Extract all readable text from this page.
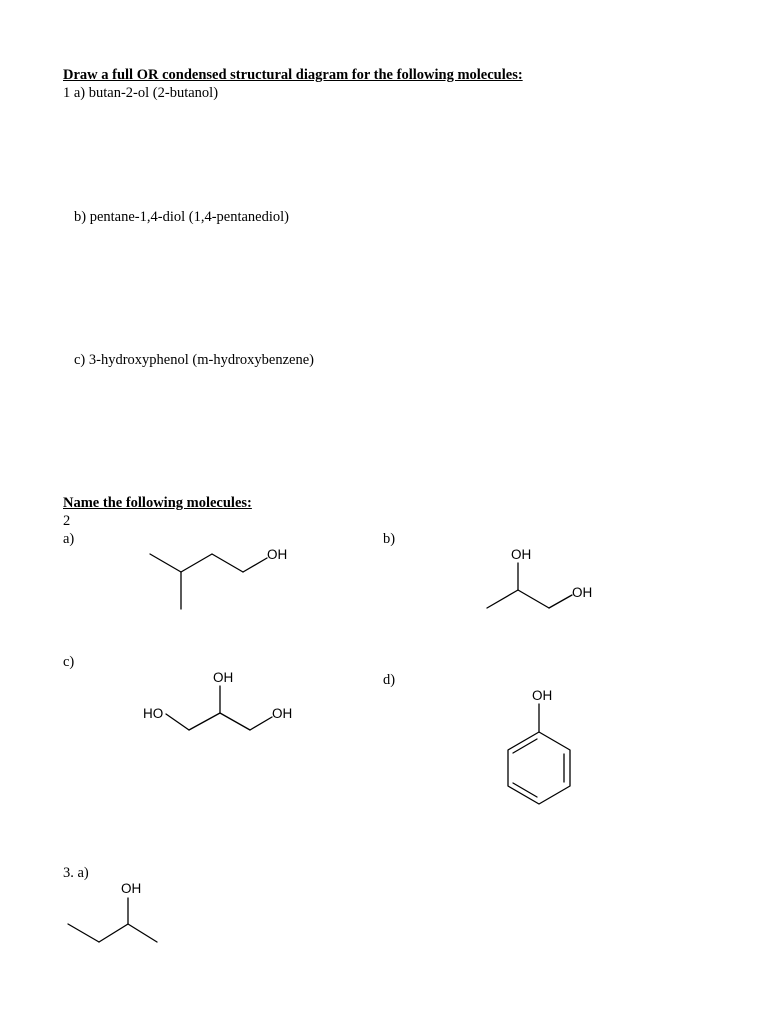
Draw a full OR condensed structural diagram for the following molecules:
1 a) butan-2-ol (2-butanol)
b) pentane-1,4-diol (1,4-pentanediol)
c) 3-hydroxyphenol (m-hydroxybenzene)
Name the following molecules:
2
a)	b)
c)
d)
3. a)
OH	OH
OH
OH
HO	OH
OH
OH
